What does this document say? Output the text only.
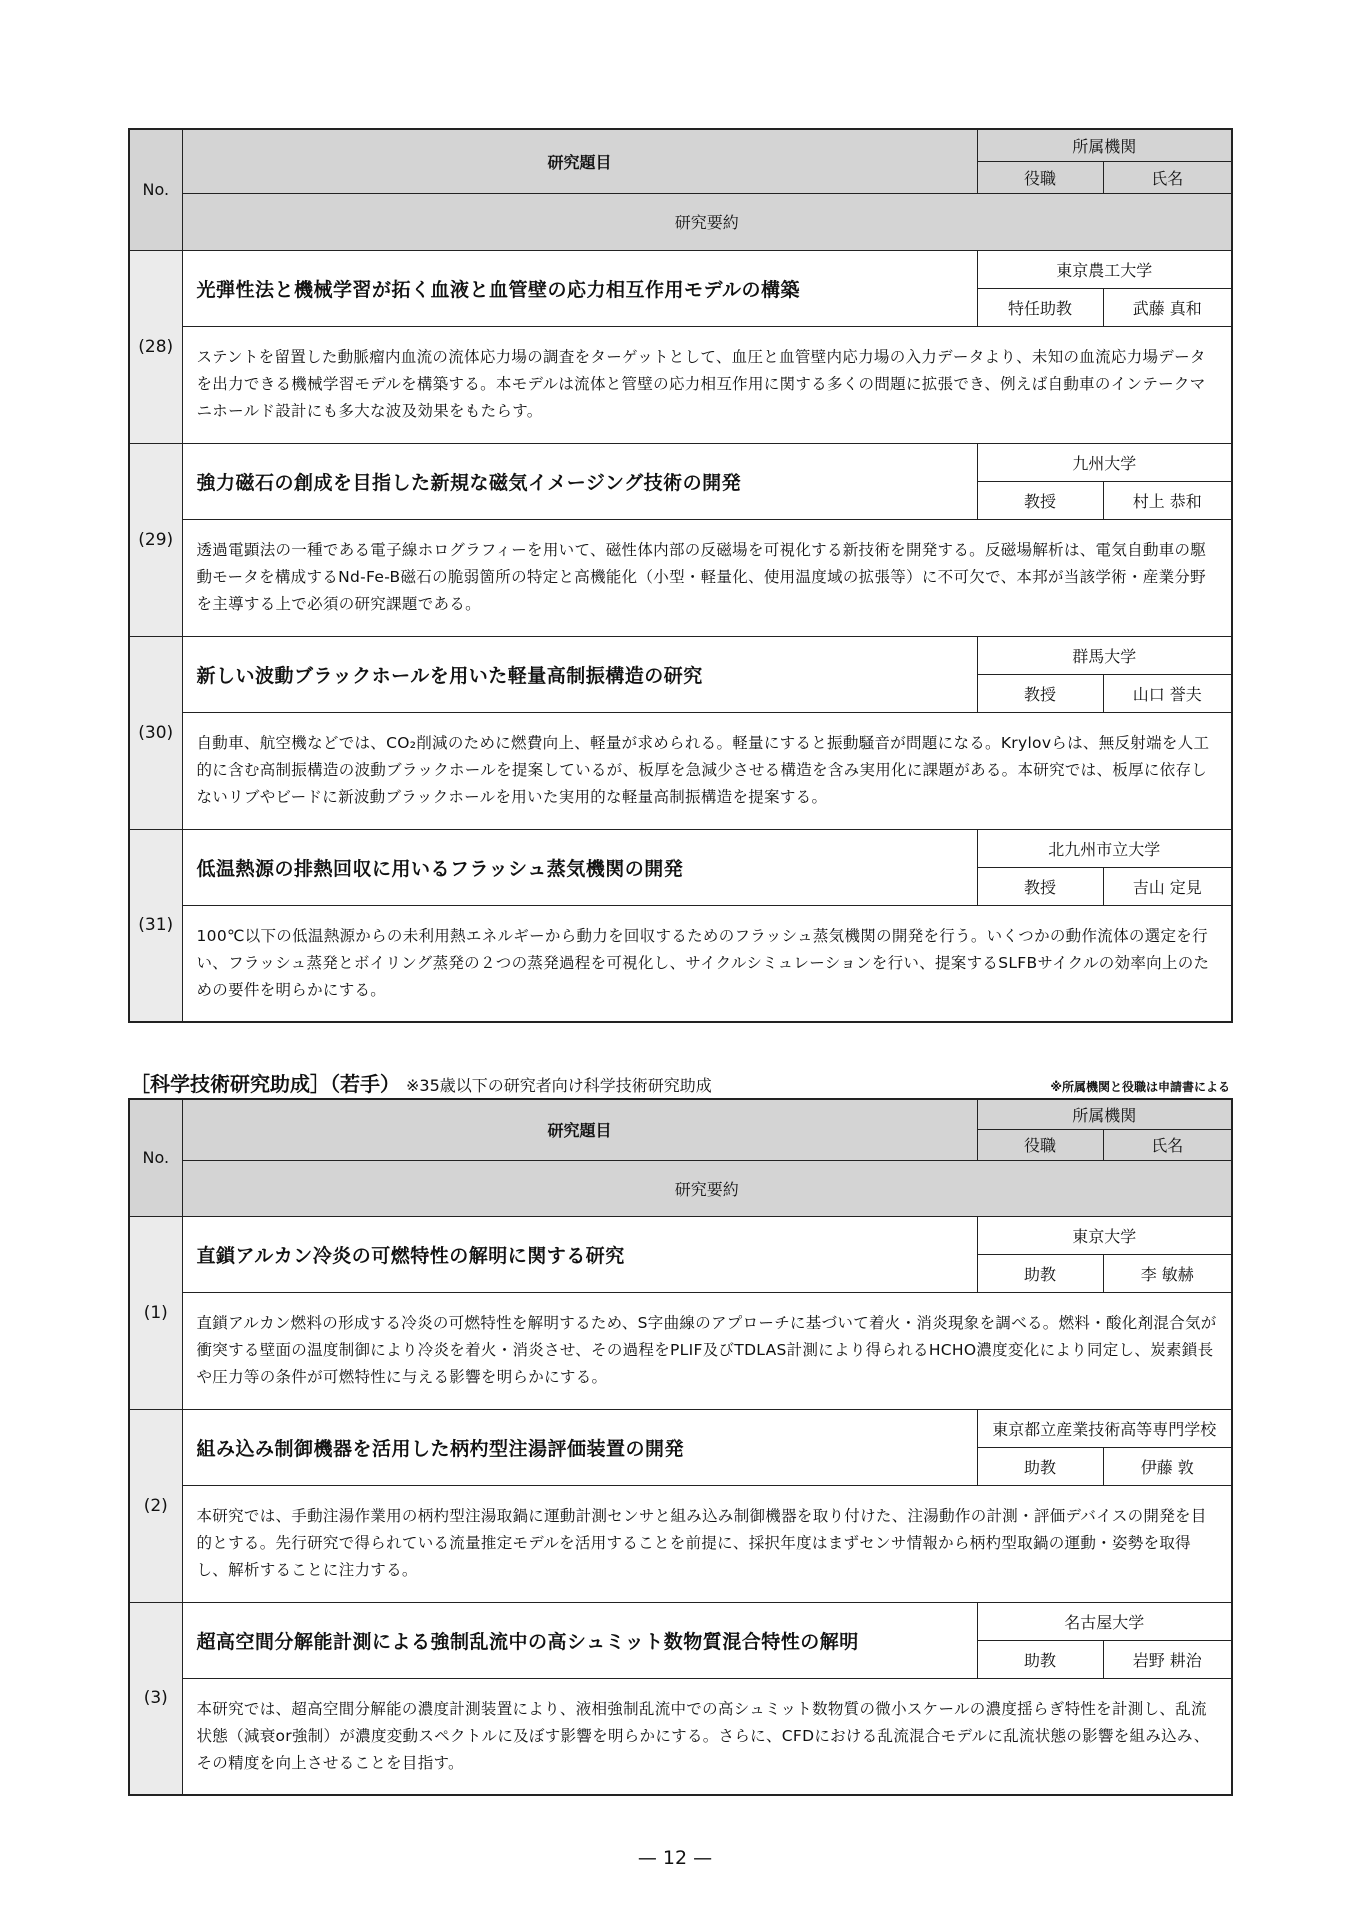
No.	研究題目	所属機関	
		役職	氏名
	研究要約		
(28)	光弾性法と機械学習が拓く血液と血管壁の応力相互作用モデルの構築	東京農工大学	
		特任助教	武藤 真和
	ステントを留置した動脈瘤内血流の流体応力場の調査をターゲットとして、血圧と血管壁内応力場の入力データより、未知の血流応力場データを出力できる機械学習モデルを構築する。本モデルは流体と管壁の応力相互作用に関する多くの問題に拡張でき、例えば自動車のインテークマニホールド設計にも多大な波及効果をもたらす。		
(29)	強力磁石の創成を目指した新規な磁気イメージング技術の開発	九州大学	
		教授	村上 恭和
	透過電顕法の一種である電子線ホログラフィーを用いて、磁性体内部の反磁場を可視化する新技術を開発する。反磁場解析は、電気自動車の駆動モータを構成するNd-Fe-B磁石の脆弱箇所の特定と高機能化（小型・軽量化、使用温度域の拡張等）に不可欠で、本邦が当該学術・産業分野を主導する上で必須の研究課題である。		
(30)	新しい波動ブラックホールを用いた軽量高制振構造の研究	群馬大学	
		教授	山口 誉夫
	自動車、航空機などでは、CO₂削減のために燃費向上、軽量が求められる。軽量にすると振動騒音が問題になる。Krylovらは、無反射端を人工的に含む高制振構造の波動ブラックホールを提案しているが、板厚を急減少させる構造を含み実用化に課題がある。本研究では、板厚に依存しないリブやビードに新波動ブラックホールを用いた実用的な軽量高制振構造を提案する。		
(31)	低温熱源の排熱回収に用いるフラッシュ蒸気機関の開発	北九州市立大学	
		教授	吉山 定見
	100℃以下の低温熱源からの未利用熱エネルギーから動力を回収するためのフラッシュ蒸気機関の開発を行う。いくつかの動作流体の選定を行い、フラッシュ蒸発とボイリング蒸発の２つの蒸発過程を可視化し、サイクルシミュレーションを行い、提案するSLFBサイクルの効率向上のための要件を明らかにする。		
［科学技術研究助成］（若手） ※35歳以下の研究者向け科学技術研究助成	※所属機関と役職は申請書による
No.	研究題目	所属機関	
		役職	氏名
	研究要約		
(1)	直鎖アルカン冷炎の可燃特性の解明に関する研究	東京大学	
		助教	李 敏赫
	直鎖アルカン燃料の形成する冷炎の可燃特性を解明するため、S字曲線のアプローチに基づいて着火・消炎現象を調べる。燃料・酸化剤混合気が衝突する壁面の温度制御により冷炎を着火・消炎させ、その過程をPLIF及びTDLAS計測により得られるHCHO濃度変化により同定し、炭素鎖長や圧力等の条件が可燃特性に与える影響を明らかにする。		
(2)	組み込み制御機器を活用した柄杓型注湯評価装置の開発	東京都立産業技術高等専門学校	
		助教	伊藤 敦
	本研究では、手動注湯作業用の柄杓型注湯取鍋に運動計測センサと組み込み制御機器を取り付けた、注湯動作の計測・評価デバイスの開発を目的とする。先行研究で得られている流量推定モデルを活用することを前提に、採択年度はまずセンサ情報から柄杓型取鍋の運動・姿勢を取得し、解析することに注力する。		
(3)	超高空間分解能計測による強制乱流中の高シュミット数物質混合特性の解明	名古屋大学	
		助教	岩野 耕治
	本研究では、超高空間分解能の濃度計測装置により、液相強制乱流中での高シュミット数物質の微小スケールの濃度揺らぎ特性を計測し、乱流状態（減衰or強制）が濃度変動スペクトルに及ぼす影響を明らかにする。さらに、CFDにおける乱流混合モデルに乱流状態の影響を組み込み、その精度を向上させることを目指す。		
— 12 —
